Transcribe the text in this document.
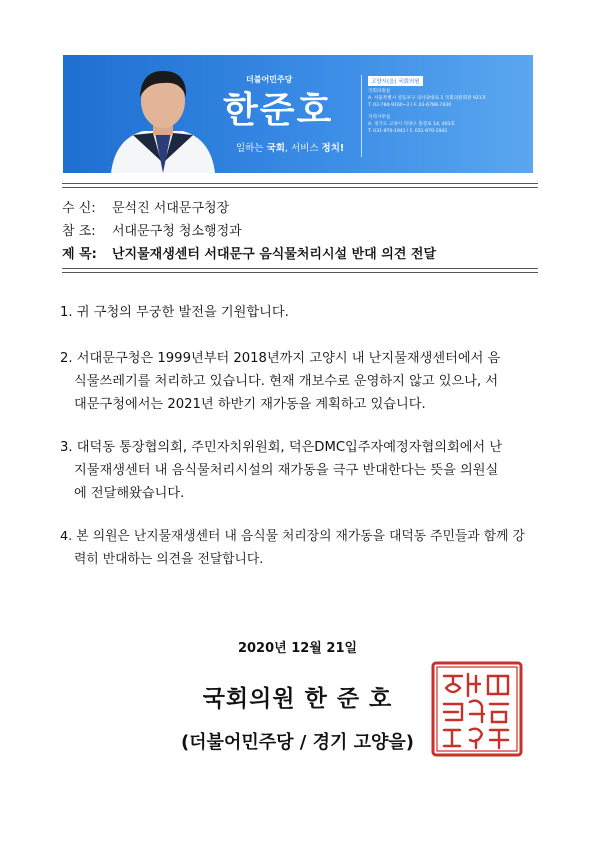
더불어민주당
한준호
일하는 국회, 서비스 정치!
고양시(을) 국회의원
국회의원실
A. 서울특별시 영등포구 의사당대로 1 국회의원회관 921호
T. 02-784-9160~2 I F. 02-6788-7430
지역사무실
A. 경기도 고양시 덕양구 충장로 14, 403호
T. 031-970-1941 I F. 031-970-1942
수 신: 문석진 서대문구청장
참 조: 서대문구청 청소행정과
제 목: 난지물재생센터 서대문구 음식물처리시설 반대 의견 전달
1. 귀 구청의 무궁한 발전을 기원합니다.
2. 서대문구청은 1999년부터 2018년까지 고양시 내 난지물재생센터에서 음
식물쓰레기를 처리하고 있습니다. 현재 개보수로 운영하지 않고 있으나, 서
대문구청에서는 2021년 하반기 재가동을 계획하고 있습니다.
3. 대덕동 통장협의회, 주민자치위원회, 덕은DMC입주자예정자협의회에서 난
지물재생센터 내 음식물처리시설의 재가동을 극구 반대한다는 뜻을 의원실
에 전달해왔습니다.
4. 본 의원은 난지물재생센터 내 음식물 처리장의 재가동을 대덕동 주민들과 함께 강
력히 반대하는 의견을 전달합니다.
2020년 12월 21일
국회의원 한 준 호
(더불어민주당 / 경기 고양을)
